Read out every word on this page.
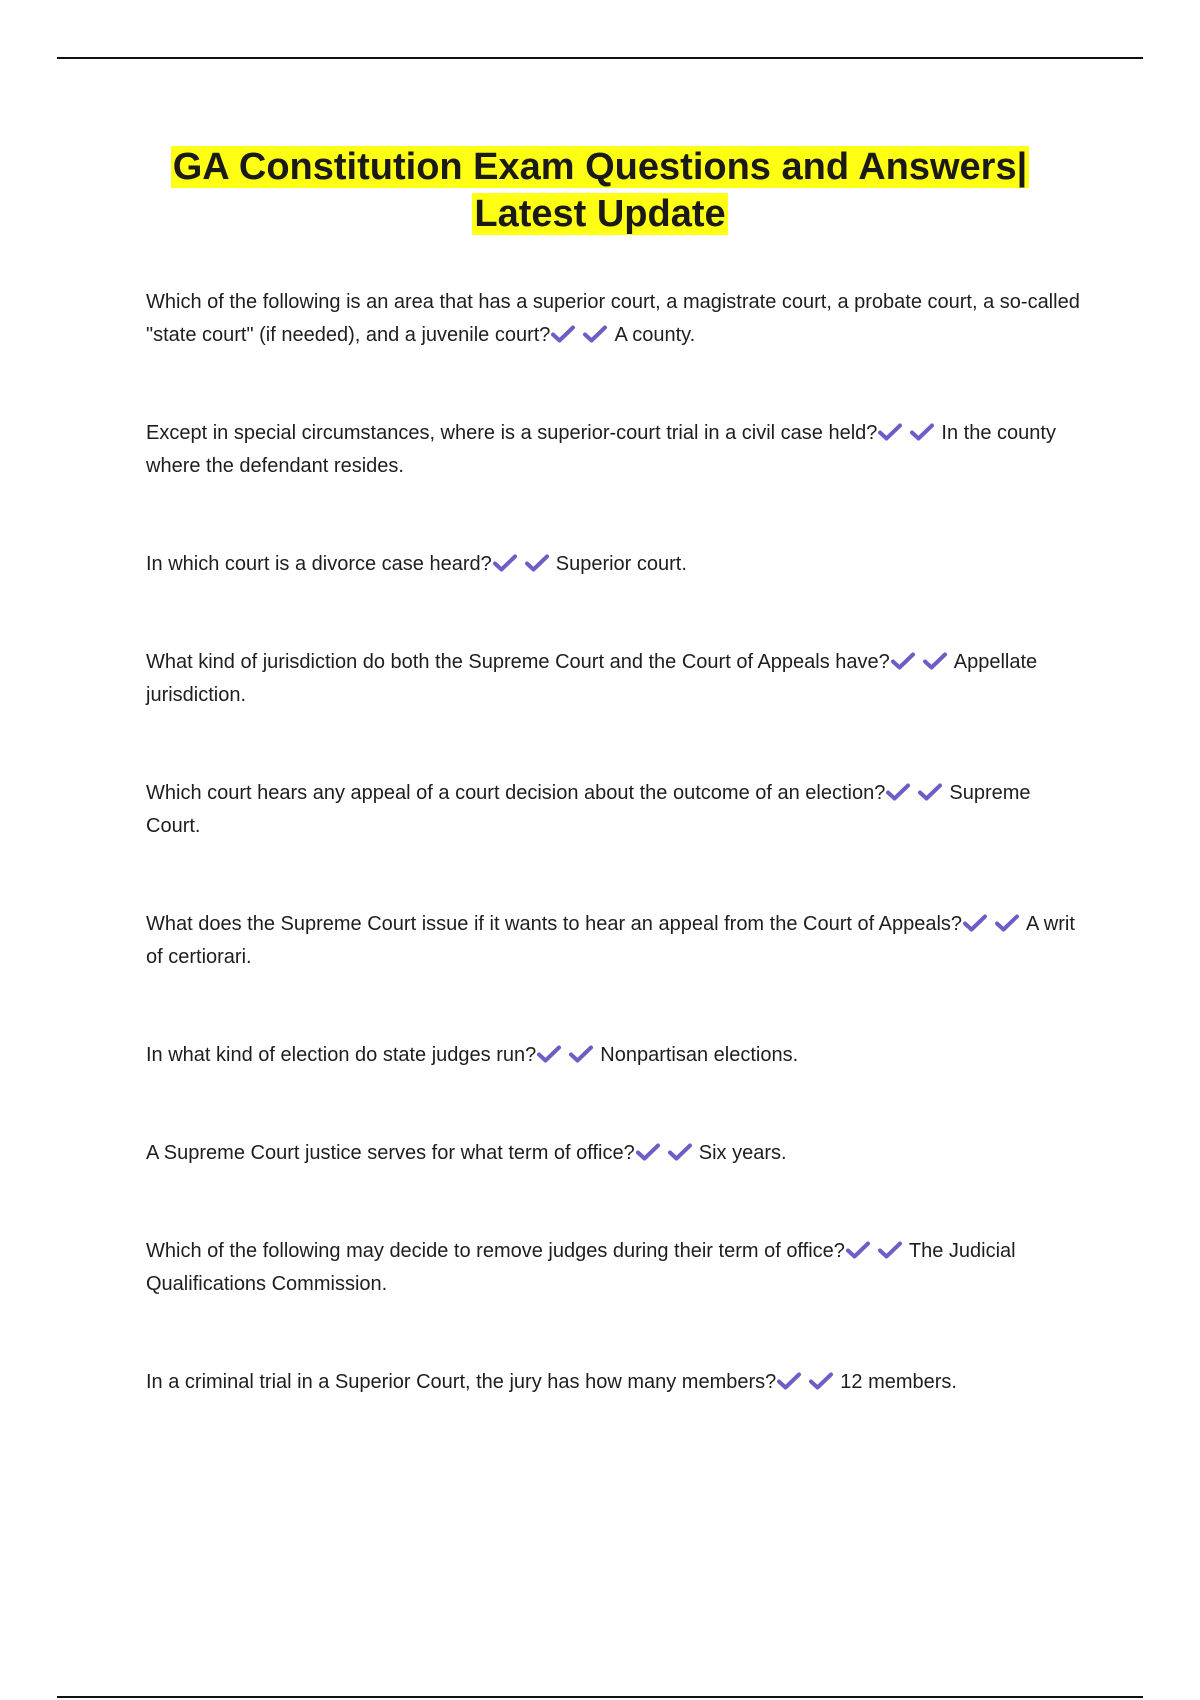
GA Constitution Exam Questions and Answers|
Latest Update

Which of the following is an area that has a superior court, a magistrate court, a probate court, a so-called "state court" (if needed), and a juvenile court?	A county.

Except in special circumstances, where is a superior-court trial in a civil case held?	In the county where the defendant resides.

In which court is a divorce case heard?	Superior court.

What kind of jurisdiction do both the Supreme Court and the Court of Appeals have?	Appellate jurisdiction.

Which court hears any appeal of a court decision about the outcome of an election?	Supreme Court.

What does the Supreme Court issue if it wants to hear an appeal from the Court of Appeals?	A writ of certiorari.

In what kind of election do state judges run?	Nonpartisan elections.

A Supreme Court justice serves for what term of office?	Six years.

Which of the following may decide to remove judges during their term of office?	The Judicial Qualifications Commission.

In a criminal trial in a Superior Court, the jury has how many members?	12 members.
